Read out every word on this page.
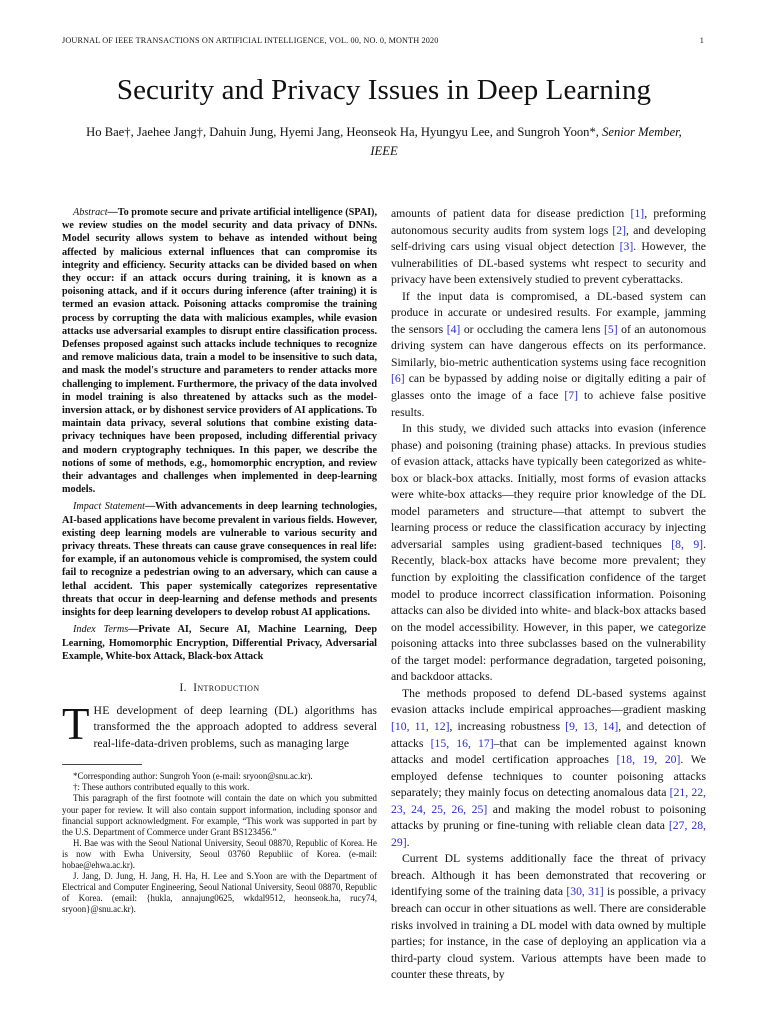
JOURNAL OF IEEE TRANSACTIONS ON ARTIFICIAL INTELLIGENCE, VOL. 00, NO. 0, MONTH 2020	1
Security and Privacy Issues in Deep Learning
Ho Bae†, Jaehee Jang†, Dahuin Jung, Hyemi Jang, Heonseok Ha, Hyungyu Lee, and Sungroh Yoon*, Senior Member, IEEE

Abstract—To promote secure and private artificial intelligence (SPAI), we review studies on the model security and data privacy of DNNs. Model security allows system to behave as intended without being affected by malicious external influences that can compromise its integrity and efficiency. Security attacks can be divided based on when they occur: if an attack occurs during training, it is known as a poisoning attack, and if it occurs during inference (after training) it is termed an evasion attack. Poisoning attacks compromise the training process by corrupting the data with malicious examples, while evasion attacks use adversarial examples to disrupt entire classification process. Defenses proposed against such attacks include techniques to recognize and remove malicious data, train a model to be insensitive to such data, and mask the model's structure and parameters to render attacks more challenging to implement. Furthermore, the privacy of the data involved in model training is also threatened by attacks such as the model-inversion attack, or by dishonest service providers of AI applications. To maintain data privacy, several solutions that combine existing data-privacy techniques have been proposed, including differential privacy and modern cryptography techniques. In this paper, we describe the notions of some of methods, e.g., homomorphic encryption, and review their advantages and challenges when implemented in deep-learning models.

Impact Statement—With advancements in deep learning technologies, AI-based applications have become prevalent in various fields. However, existing deep learning models are vulnerable to various security and privacy threats. These threats can cause grave consequences in real life: for example, if an autonomous vehicle is compromised, the system could fail to recognize a pedestrian owing to an adversary, which can cause a lethal accident. This paper systemically categorizes representative threats that occur in deep-learning and defense methods and presents insights for deep learning developers to develop robust AI applications.

Index Terms—Private AI, Secure AI, Machine Learning, Deep Learning, Homomorphic Encryption, Differential Privacy, Adversarial Example, White-box Attack, Black-box Attack

I. Introduction

THE development of deep learning (DL) algorithms has transformed the the approach adopted to address several real-life-data-driven problems, such as managing large

*Corresponding author: Sungroh Yoon (e-mail: sryoon@snu.ac.kr).

†: These authors contributed equally to this work.

This paragraph of the first footnote will contain the date on which you submitted your paper for review. It will also contain support information, including sponsor and financial support acknowledgment. For example, “This work was supported in part by the U.S. Department of Commerce under Grant BS123456.”

H. Bae was with the Seoul National University, Seoul 08870, Republic of Korea. He is now with Ewha University, Seoul 03760 Republiic of Korea. (e-mail: hobae@ehwa.ac.kr).

J. Jang, D. Jung, H. Jang, H. Ha, H. Lee and S.Yoon are with the Department of Electrical and Computer Engineering, Seoul National University, Seoul 08870, Republic of Korea. (email: {hukla, annajung0625, wkdal9512, heonseok.ha, rucy74, sryoon}@snu.ac.kr).

amounts of patient data for disease prediction [1], preforming autonomous security audits from system logs [2], and developing self-driving cars using visual object detection [3]. However, the vulnerabilities of DL-based systems wht respect to security and privacy have been extensively studied to prevent cyberattacks.

If the input data is compromised, a DL-based system can produce in accurate or undesired results. For example, jamming the sensors [4] or occluding the camera lens [5] of an autonomous driving system can have dangerous effects on its performance. Similarly, bio-metric authentication systems using face recognition [6] can be bypassed by adding noise or digitally editing a pair of glasses onto the image of a face [7] to achieve false positive results.

In this study, we divided such attacks into evasion (inference phase) and poisoning (training phase) attacks. In previous studies of evasion attack, attacks have typically been categorized as white-box or black-box attacks. Initially, most forms of evasion attacks were white-box attacks—they require prior knowledge of the DL model parameters and structure—that attempt to subvert the learning process or reduce the classification accuracy by injecting adversarial samples using gradient-based techniques [8, 9]. Recently, black-box attacks have become more prevalent; they function by exploiting the classification confidence of the target model to produce incorrect classification information. Poisoning attacks can also be divided into white- and black-box attacks based on the model accessibility. However, in this paper, we categorize poisoning attacks into three subclasses based on the vulnerability of the target model: performance degradation, targeted poisoning, and backdoor attacks.

The methods proposed to defend DL-based systems against evasion attacks include empirical approaches—gradient masking [10, 11, 12], increasing robustness [9, 13, 14], and detection of attacks [15, 16, 17]–that can be implemented against known attacks and model certification approaches [18, 19, 20]. We employed defense techniques to counter poisoning attacks separately; they mainly focus on detecting anomalous data [21, 22, 23, 24, 25, 26, 25] and making the model robust to poisoning attacks by pruning or fine-tuning with reliable clean data [27, 28, 29].

Current DL systems additionally face the threat of privacy breach. Although it has been demonstrated that recovering or identifying some of the training data [30, 31] is possible, a privacy breach can occur in other situations as well. There are considerable risks involved in training a DL model with data owned by multiple parties; for instance, in the case of deploying an application via a third-party cloud system. Various attempts have been made to counter these threats, by
